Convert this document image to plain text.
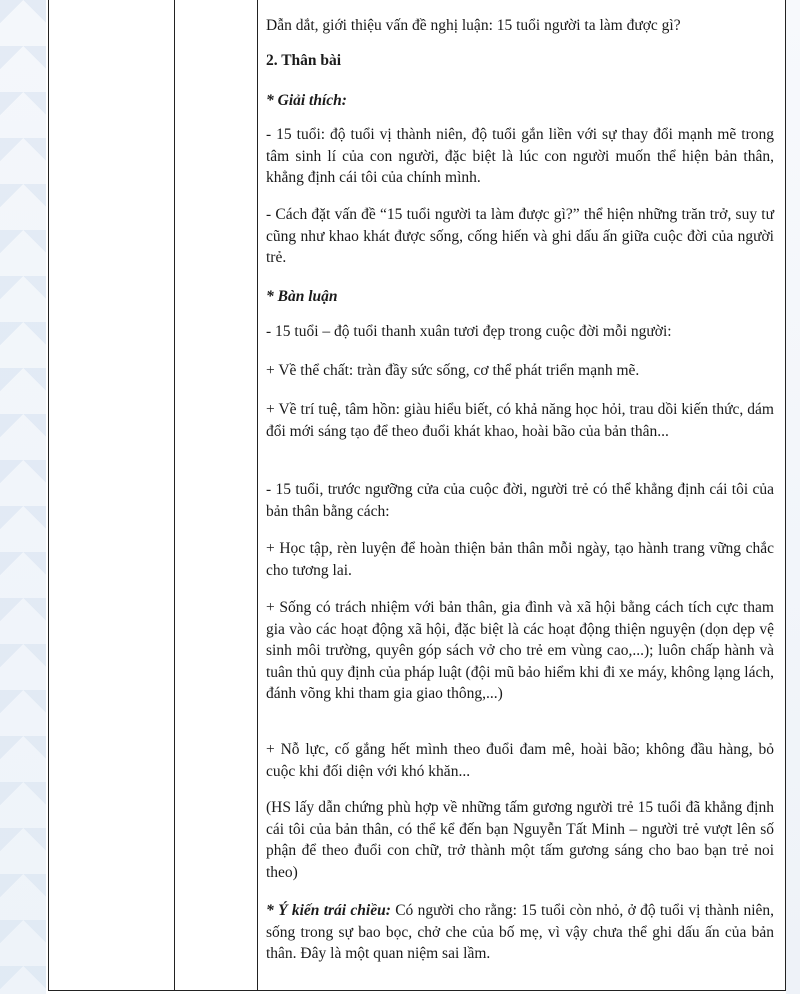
Dẫn dắt, giới thiệu vấn đề nghị luận: 15 tuổi người ta làm được gì?

2. Thân bài

* Giải thích:

- 15 tuổi: độ tuổi vị thành niên, độ tuổi gắn liền với sự thay đổi mạnh mẽ trong tâm sinh lí của con người, đặc biệt là lúc con người muốn thể hiện bản thân, khẳng định cái tôi của chính mình.

- Cách đặt vấn đề “15 tuổi người ta làm được gì?” thể hiện những trăn trở, suy tư cũng như khao khát được sống, cống hiến và ghi dấu ấn giữa cuộc đời của người trẻ.

* Bàn luận

- 15 tuổi – độ tuổi thanh xuân tươi đẹp trong cuộc đời mỗi người:

+ Về thể chất: tràn đầy sức sống, cơ thể phát triển mạnh mẽ.

+ Về trí tuệ, tâm hồn: giàu hiểu biết, có khả năng học hỏi, trau dồi kiến thức, dám đổi mới sáng tạo để theo đuổi khát khao, hoài bão của bản thân...

- 15 tuổi, trước ngưỡng cửa của cuộc đời, người trẻ có thể khẳng định cái tôi của bản thân bằng cách:

+ Học tập, rèn luyện để hoàn thiện bản thân mỗi ngày, tạo hành trang vững chắc cho tương lai.

+ Sống có trách nhiệm với bản thân, gia đình và xã hội bằng cách tích cực tham gia vào các hoạt động xã hội, đặc biệt là các hoạt động thiện nguyện (dọn dẹp vệ sinh môi trường, quyên góp sách vở cho trẻ em vùng cao,...); luôn chấp hành và tuân thủ quy định của pháp luật (đội mũ bảo hiểm khi đi xe máy, không lạng lách, đánh võng khi tham gia giao thông,...)

+ Nỗ lực, cố gắng hết mình theo đuổi đam mê, hoài bão; không đầu hàng, bỏ cuộc khi đối diện với khó khăn...

(HS lấy dẫn chứng phù hợp về những tấm gương người trẻ 15 tuổi đã khẳng định cái tôi của bản thân, có thể kể đến bạn Nguyễn Tất Minh – người trẻ vượt lên số phận để theo đuổi con chữ, trở thành một tấm gương sáng cho bao bạn trẻ noi theo)

* Ý kiến trái chiều: Có người cho rằng: 15 tuổi còn nhỏ, ở độ tuổi vị thành niên, sống trong sự bao bọc, chở che của bố mẹ, vì vậy chưa thể ghi dấu ấn của bản thân. Đây là một quan niệm sai lầm.
